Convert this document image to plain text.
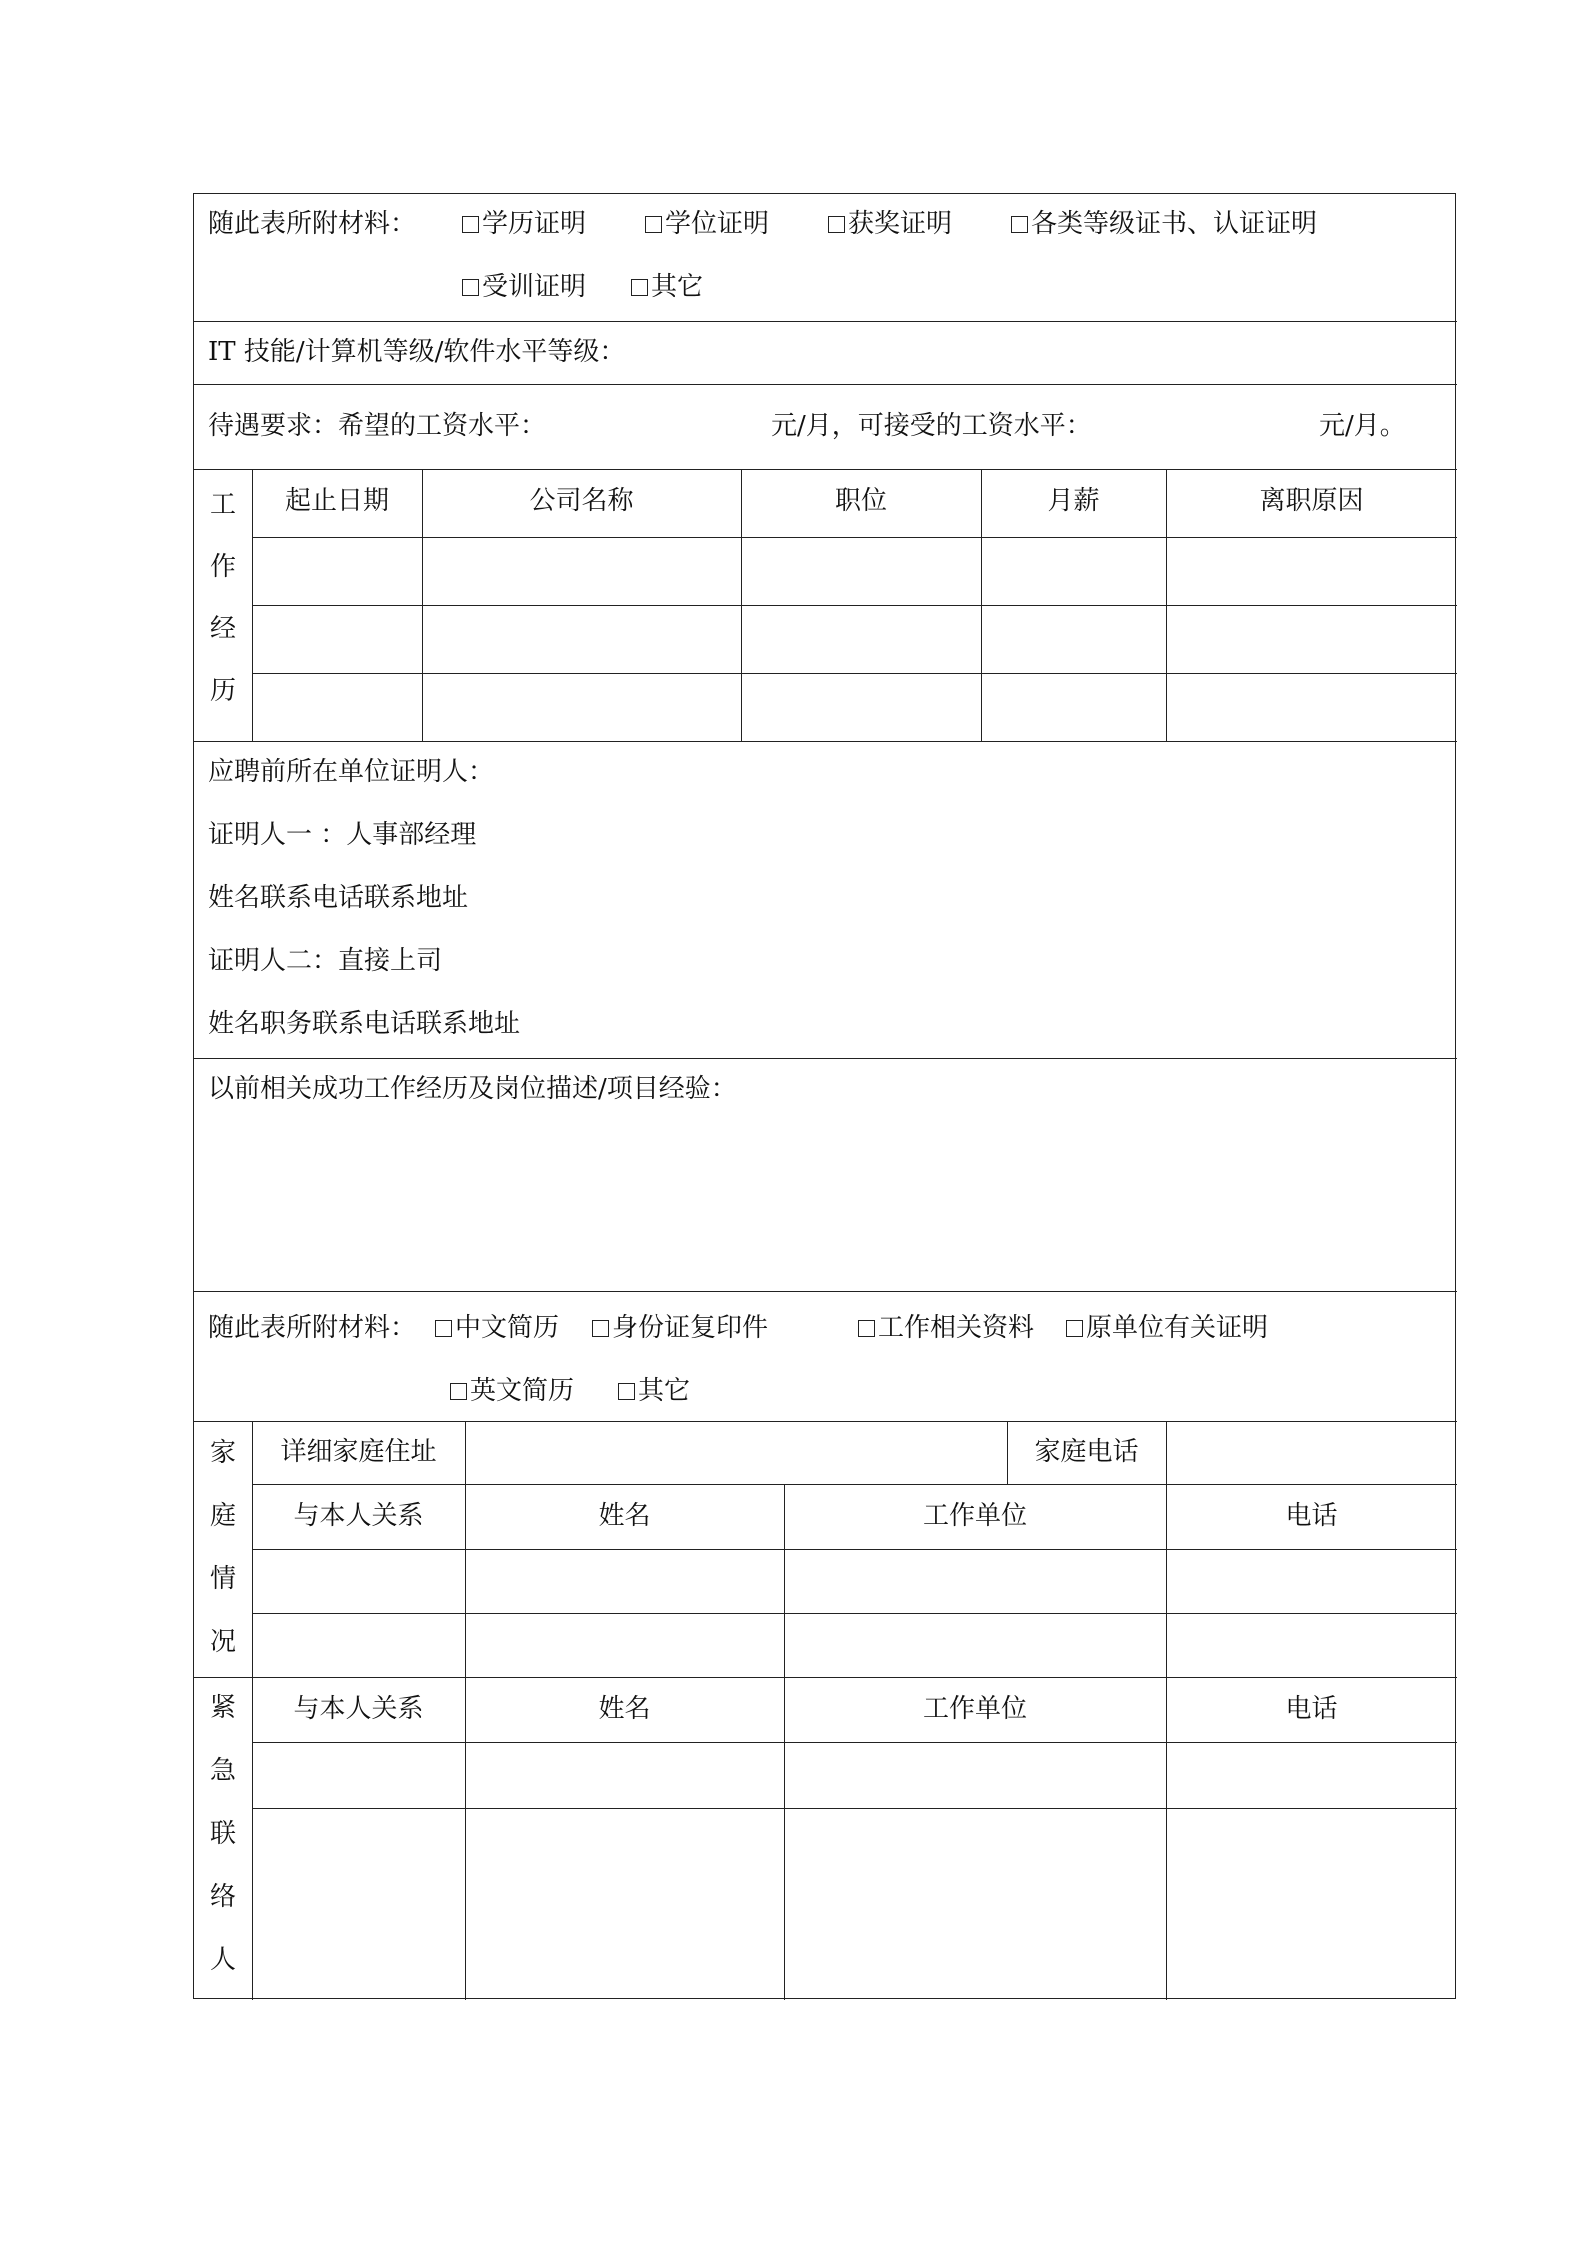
随此表所附材料：	学历证明	学位证明	获奖证明	各类等级证书、认证证明
受训证明	其它
IT 技能/计算机等级/软件水平等级：
待遇要求：希望的工资水平：	元/月，可接受的工资水平：	元/月。
工
作
经
历
起止日期	公司名称	职位	月薪	离职原因
应聘前所在单位证明人：
证明人一 ：人事部经理
姓名联系电话联系地址
证明人二：直接上司
姓名职务联系电话联系地址
以前相关成功工作经历及岗位描述/项目经验：
随此表所附材料：	中文简历	身份证复印件	工作相关资料	原单位有关证明
英文简历	其它
家
庭
情
况
详细家庭住址	家庭电话
与本人关系	姓名	工作单位	电话
紧
急
联
络
人
与本人关系	姓名	工作单位	电话
